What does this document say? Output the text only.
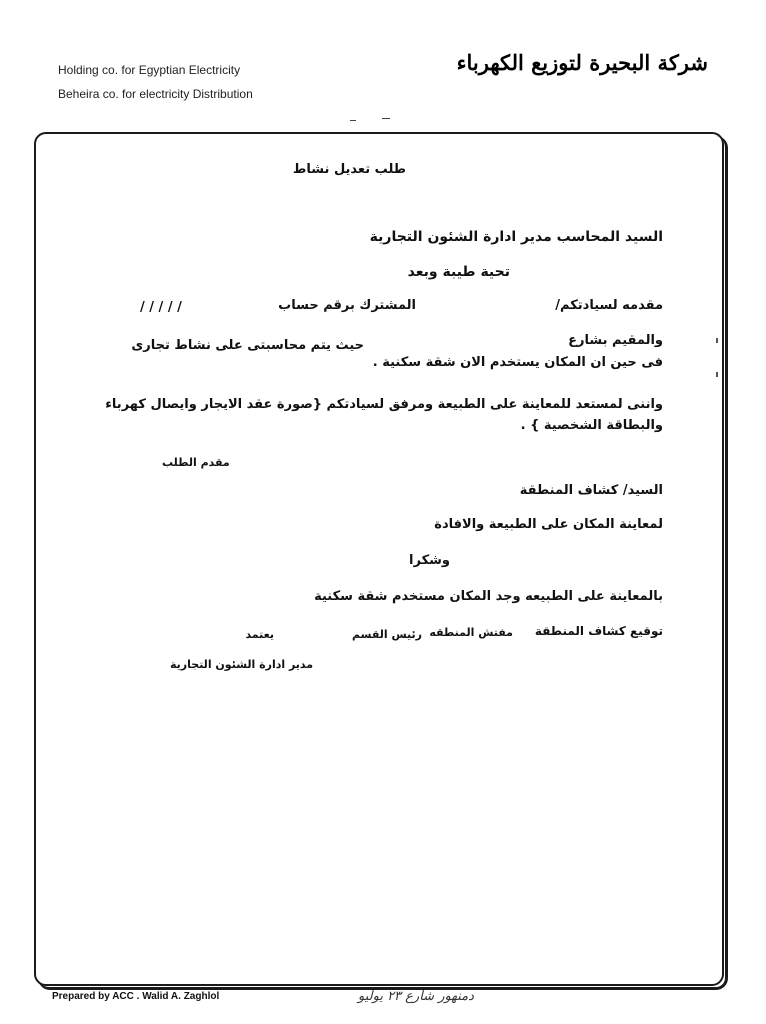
Holding co. for Egyptian Electricity
Beheira co. for electricity Distribution
شركة البحيرة لتوزيع الكهرباء
طلب تعديل نشاط
السيد المحاسب مدير ادارة الشئون التجارية
تحية طيبة وبعد
مقدمه لسيادتكم/
المشترك برقم حساب
/ / / / /
والمقيم بشارع
حيث يتم محاسبتى على نشاط تجارى
فى حين ان المكان يستخدم الان شقة سكنية .
واننى لمستعد للمعاينة على الطبيعة ومرفق لسيادتكم {صورة عقد الايجار وايصال كهرباء
والبطاقة الشخصية } .
مقدم الطلب
السيد/ كشاف المنطقة
لمعاينة المكان على الطبيعة والافادة
وشكرا
بالمعاينة على الطبيعه وجد المكان مستخدم شقة سكنية
توقيع كشاف المنطقة
مفتش المنطقه
رئيس القسم
يعتمد
مدير ادارة الشئون التجارية
Prepared by ACC . Walid A. Zaghlol	دمنهور شارع ٢٣ يوليو
